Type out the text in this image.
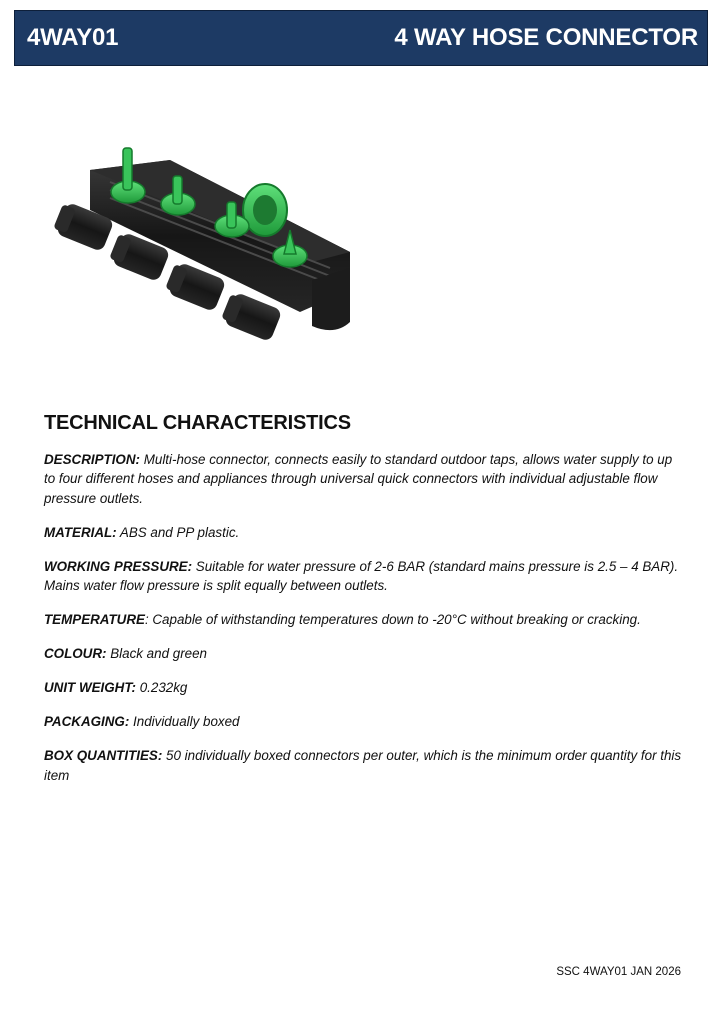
4WAY01	4 WAY HOSE CONNECTOR
TECHNICAL CHARACTERISTICS

DESCRIPTION: Multi-hose connector, connects easily to standard outdoor taps, allows water supply to up to four different hoses and appliances through universal quick connectors with individual adjustable flow pressure outlets.

MATERIAL: ABS and PP plastic.

WORKING PRESSURE: Suitable for water pressure of 2-6 BAR (standard mains pressure is 2.5 – 4 BAR). Mains water flow pressure is split equally between outlets.

TEMPERATURE: Capable of withstanding temperatures down to -20°C without breaking or cracking.

COLOUR: Black and green

UNIT WEIGHT: 0.232kg

PACKAGING: Individually boxed

BOX QUANTITIES: 50 individually boxed connectors per outer, which is the minimum order quantity for this item

SSC 4WAY01 JAN 2026
